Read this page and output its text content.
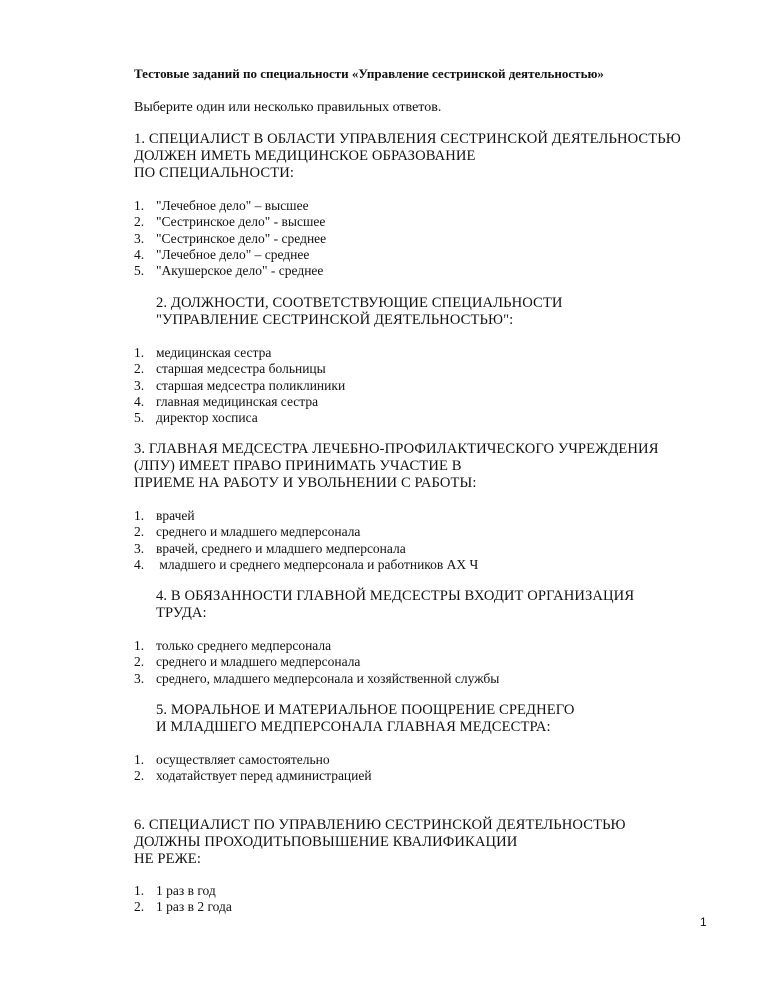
Тестовые заданий по специальности «Управление сестринской деятельностью»
Выберите один или несколько правильных ответов.
1. СПЕЦИАЛИСТ В ОБЛАСТИ УПРАВЛЕНИЯ СЕСТРИНСКОЙ ДЕЯТЕЛЬНОСТЬЮ
ДОЛЖЕН ИМЕТЬ МЕДИЦИНСКОЕ ОБРАЗОВАНИЕ
ПО СПЕЦИАЛЬНОСТИ:
1. "Лечебное дело" – высшее
2. "Сестринское дело" - высшее
3. "Сестринское дело" - среднее
4. "Лечебное дело" – среднее
5. "Акушерское дело" - среднее
2. ДОЛЖНОСТИ, СООТВЕТСТВУЮЩИЕ СПЕЦИАЛЬНОСТИ
"УПРАВЛЕНИЕ СЕСТРИНСКОЙ ДЕЯТЕЛЬНОСТЬЮ":
1. медицинская сестра
2. старшая медсестра больницы
3. старшая медсестра поликлиники
4. главная медицинская сестра
5. директор хосписа
3. ГЛАВНАЯ МЕДСЕСТРА ЛЕЧЕБНО-ПРОФИЛАКТИЧЕСКОГО УЧРЕЖДЕНИЯ
(ЛПУ) ИМЕЕТ ПРАВО ПРИНИМАТЬ УЧАСТИЕ В
ПРИЕМЕ НА РАБОТУ И УВОЛЬНЕНИИ С РАБОТЫ:
1. врачей
2. среднего и младшего медперсонала
3. врачей, среднего и младшего медперсонала
4. младшего и среднего медперсонала и работников АХ Ч
4. В ОБЯЗАННОСТИ ГЛАВНОЙ МЕДСЕСТРЫ ВХОДИТ ОРГАНИЗАЦИЯ
ТРУДА:
1. только среднего медперсонала
2. среднего и младшего медперсонала
3. среднего, младшего медперсонала и хозяйственной службы
5. МОРАЛЬНОЕ И МАТЕРИАЛЬНОЕ ПООЩРЕНИЕ СРЕДНЕГО
И МЛАДШЕГО МЕДПЕРСОНАЛА ГЛАВНАЯ МЕДСЕСТРА:
1. осуществляет самостоятельно
2. ходатайствует перед администрацией
6. СПЕЦИАЛИСТ ПО УПРАВЛЕНИЮ СЕСТРИНСКОЙ ДЕЯТЕЛЬНОСТЬЮ
ДОЛЖНЫ ПРОХОДИТЬПОВЫШЕНИЕ КВАЛИФИКАЦИИ
НЕ РЕЖЕ:
1. 1 раз в год
2. 1 раз в 2 года
1
